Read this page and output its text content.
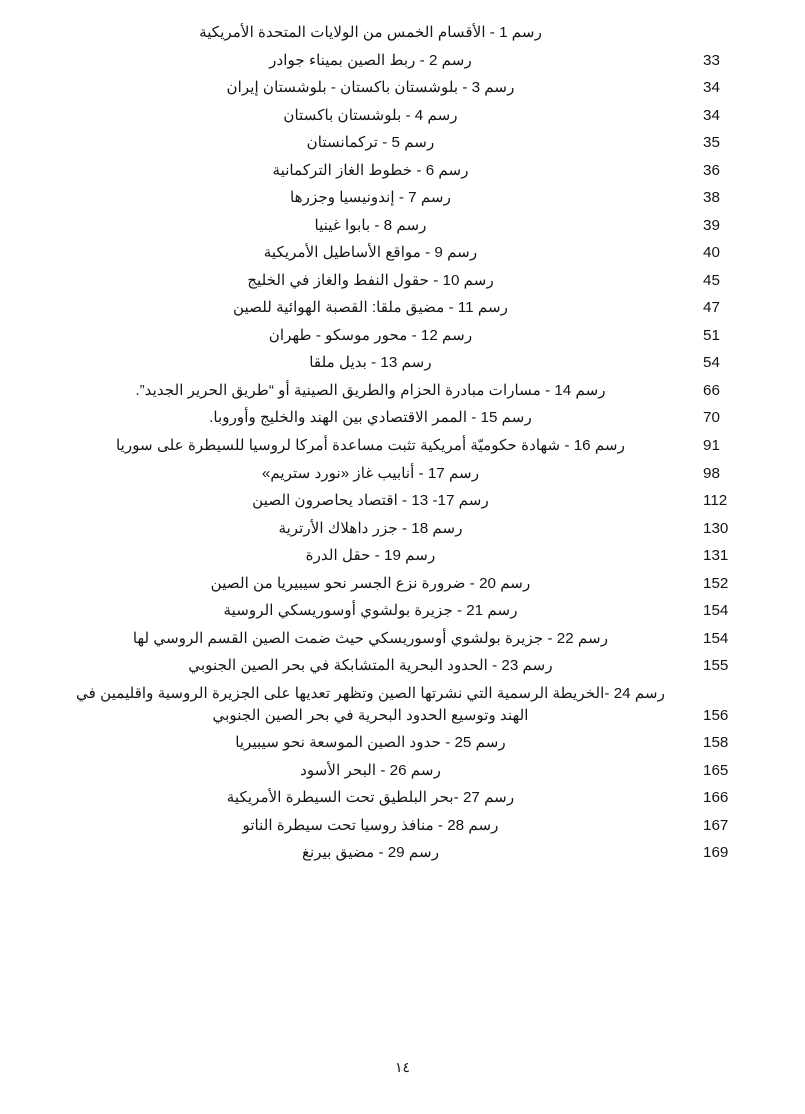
رسم 1 - الأقسام الخمس من الولايات المتحدة الأمريكية
33
رسم 2 - ربط الصين بميناء جوادر
34
رسم 3 - بلوشستان باكستان - بلوشستان إيران
34
رسم 4 - بلوشستان باكستان
35
رسم 5 - تركمانستان
36
رسم 6 - خطوط الغاز التركمانية
38
رسم 7 - إندونيسيا وجزرها
39
رسم 8 - بابوا غينيا
40
رسم 9 - مواقع الأساطيل الأمريكية
45
رسم 10 - حقول النفط والغاز في الخليج
47
رسم 11 - مضيق ملقا: القصبة الهوائية للصين
51
رسم 12 - محور موسكو - طهران
54
رسم 13 - بديل ملقا
66
رسم 14 - مسارات مبادرة الحزام والطريق الصينية أو “طريق الحرير الجديد”.
70
رسم 15 - الممر الاقتصادي بين الهند والخليج وأوروبا.
91
رسم 16 - شهادة حكوميّة أمريكية تثبت مساعدة أمركا لروسيا للسيطرة على سوريا
98
رسم 17 - أنابيب غاز «نورد ستريم»
112
رسم 17- 13 - اقتصاد يحاصرون الصين
130
رسم 18 - جزر داهلاك الأرترية
131
رسم 19 - حقل الدرة
152
رسم 20 - ضرورة نزع الجسر نحو سيبيريا من الصين
154
رسم 21 - جزيرة بولشوي أوسوريسكي الروسية
154
رسم 22 - جزيرة بولشوي أوسوريسكي حيث ضمت الصين القسم الروسي لها
155
رسم 23 - الحدود البحرية المتشابكة في بحر الصين الجنوبي
156
رسم 24 -الخريطة الرسمية التي نشرتها الصين وتظهر تعديها على الجزيرة الروسية واقليمين في الهند وتوسيع الحدود البحرية في بحر الصين الجنوبي
158
رسم 25 - حدود الصين الموسعة نحو سيبيريا
165
رسم 26 - البحر الأسود
166
رسم 27 -بحر البلطيق تحت السيطرة الأمريكية
167
رسم 28 - منافذ روسيا تحت سيطرة الناتو
169
رسم 29 - مضيق بيرنغ
١٤
